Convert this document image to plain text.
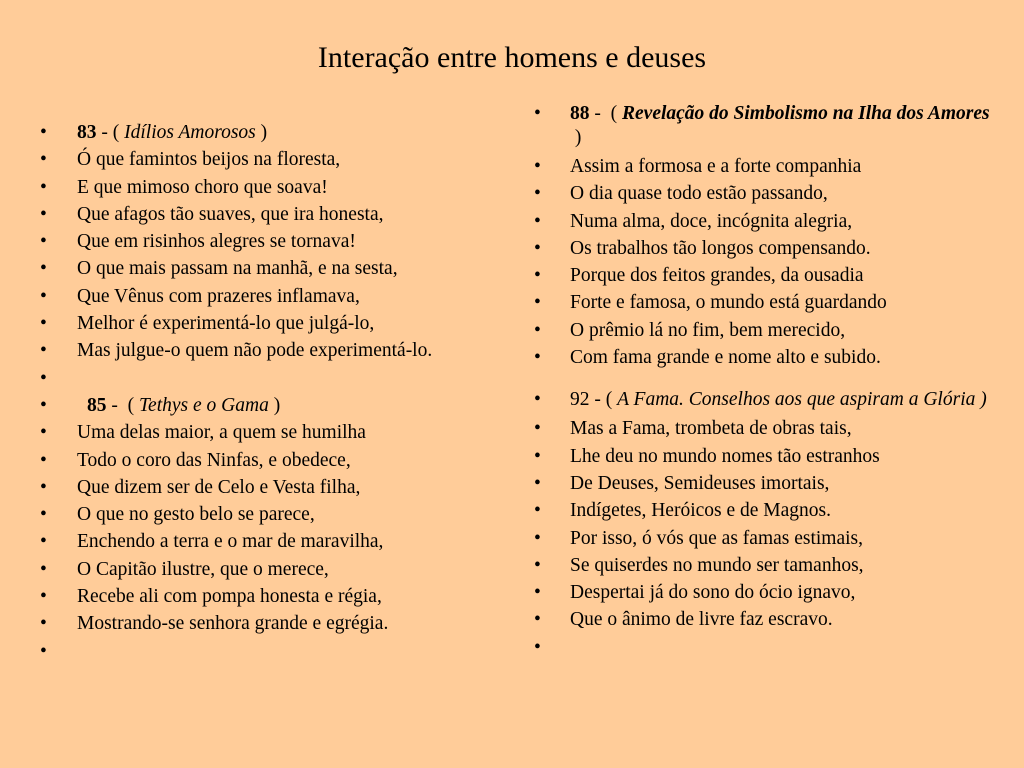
Interação entre homens e deuses
• 83 - ( Idílios Amorosos )
• Ó que famintos beijos na floresta,
• E que mimoso choro que soava!
• Que afagos tão suaves, que ira honesta,
• Que em risinhos alegres se tornava!
• O que mais passam na manhã, e na sesta,
• Que Vênus com prazeres inflamava,
• Melhor é experimentá-lo que julgá-lo,
• Mas julgue-o quem não pode experimentá-lo.
•
• 85 -  ( Tethys e o Gama )
• Uma delas maior, a quem se humilha
• Todo o coro das Ninfas, e obedece,
• Que dizem ser de Celo e Vesta filha,
• O que no gesto belo se parece,
• Enchendo a terra e o mar de maravilha,
• O Capitão ilustre, que o merece,
• Recebe ali com pompa honesta e régia,
• Mostrando-se senhora grande e egrégia.
•
• 88 -  ( Revelação do Simbolismo na Ilha dos Amores )
• Assim a formosa e a forte companhia
• O dia quase todo estão passando,
• Numa alma, doce, incógnita alegria,
• Os trabalhos tão longos compensando.
• Porque dos feitos grandes, da ousadia
• Forte e famosa, o mundo está guardando
• O prêmio lá no fim, bem merecido,
• Com fama grande e nome alto e subido.
• 92 - ( A Fama. Conselhos aos que aspiram a Glória )
• Mas a Fama, trombeta de obras tais,
• Lhe deu no mundo nomes tão estranhos
• De Deuses, Semideuses imortais,
• Indígetes, Heróicos e de Magnos.
• Por isso, ó vós que as famas estimais,
• Se quiserdes no mundo ser tamanhos,
• Despertai já do sono do ócio ignavo,
• Que o ânimo de livre faz escravo.
•
